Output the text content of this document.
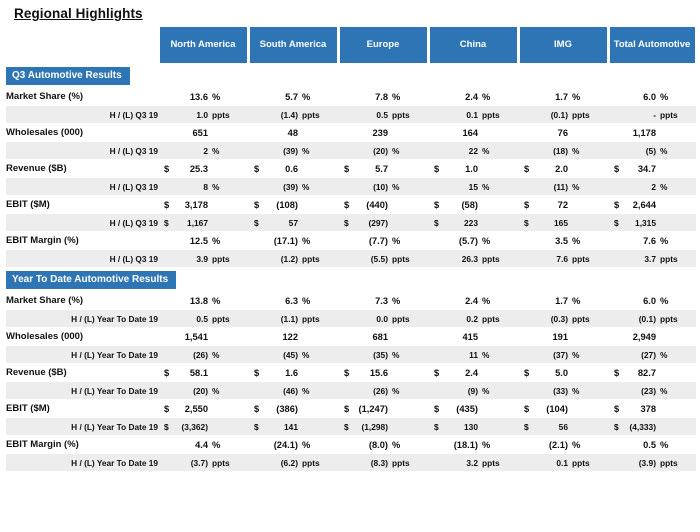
Regional Highlights
	North America	South America	Europe	China	IMG	Total Automotive
Q3 Automotive Results						
Market Share (%)	13.6 %	5.7 %	7.8 %	2.4 %	1.7 %	6.0 %

H / (L) Q3 19	1.0 ppts	(1.4) ppts	0.5 ppts	0.1 ppts	(0.1) ppts	- ppts

Wholesales (000)	651	48	239	164	76	1,178

H / (L) Q3 19	2 %	(39) %	(20) %	22 %	(18) %	(5) %

Revenue ($B)	$ 25.3	$ 0.6	$ 5.7	$ 1.0	$ 2.0	$ 34.7

H / (L) Q3 19	8 %	(39) %	(10) %	15 %	(11) %	2 %

EBIT ($M)	$ 3,178	$ (108)	$ (440)	$ (58)	$ 72	$ 2,644

H / (L) Q3 19	$ 1,167	$ 57	$ (297)	$ 223	$ 165	$ 1,315

EBIT Margin (%)	12.5 %	(17.1) %	(7.7) %	(5.7) %	3.5 %	7.6 %

H / (L) Q3 19	3.9 ppts	(1.2) ppts	(5.5) ppts	26.3 ppts	7.6 ppts	3.7 ppts

Year To Date Automotive Results						
Market Share (%)	13.8 %	6.3 %	7.3 %	2.4 %	1.7 %	6.0 %

H / (L) Year To Date 19	0.5 ppts	(1.1) ppts	0.0 ppts	0.2 ppts	(0.3) ppts	(0.1) ppts

Wholesales (000)	1,541	122	681	415	191	2,949

H / (L) Year To Date 19	(26) %	(45) %	(35) %	11 %	(37) %	(27) %

Revenue ($B)	$ 58.1	$ 1.6	$ 15.6	$ 2.4	$ 5.0	$ 82.7

H / (L) Year To Date 19	(20) %	(46) %	(26) %	(9) %	(33) %	(23) %

EBIT ($M)	$ 2,550	$ (386)	$ (1,247)	$ (435)	$ (104)	$ 378

H / (L) Year To Date 19	$ (3,362)	$ 141	$ (1,298)	$ 130	$ 56	$ (4,333)

EBIT Margin (%)	4.4 %	(24.1) %	(8.0) %	(18.1) %	(2.1) %	0.5 %

H / (L) Year To Date 19	(3.7) ppts	(6.2) ppts	(8.3) ppts	3.2 ppts	0.1 ppts	(3.9) ppts
